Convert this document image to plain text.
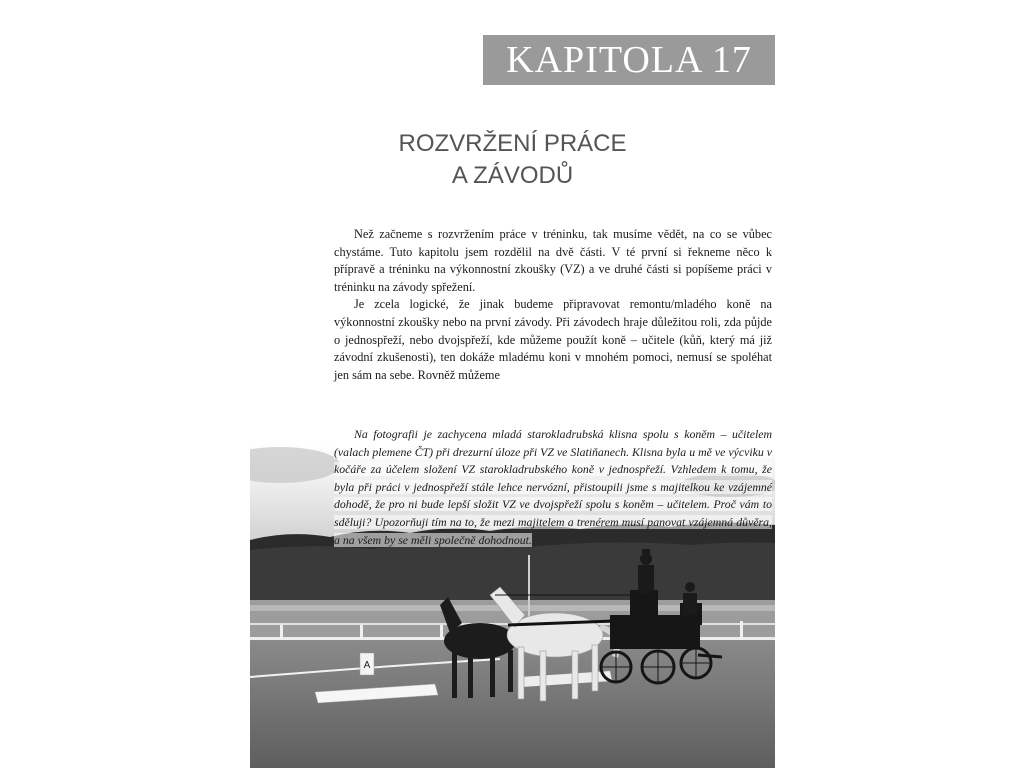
KAPITOLA 17
ROZVRŽENÍ PRÁCE
A ZÁVODŮ

Než začneme s rozvržením práce v tréninku, tak musíme vědět, na co se vůbec chystáme. Tuto kapitolu jsem rozdělil na dvě části. V té první si řekneme něco k přípravě a tréninku na výkonnostní zkoušky (VZ) a ve druhé části si popíšeme práci v tréninku na závody spřežení.

Je zcela logické, že jinak budeme připravovat remontu/mladého koně na výkonnostní zkoušky nebo na první závody. Při závodech hraje důležitou roli, zda půjde o jednospřeží, nebo dvojspřeží, kde můžeme použít koně – učitele (kůň, který má již závodní zkušenosti), ten dokáže mladému koni v mnohém pomoci, nemusí se spoléhat jen sám na sebe. Rovněž můžeme

A

Na fotografii je zachycena mladá starokladrubská klisna spolu s koněm – učitelem (valach plemene ČT) při drezurní úloze při VZ ve Slatiňanech. Klisna byla u mě ve výcviku v kočáře za účelem složení VZ starokladrubského koně v jednospřeží. Vzhledem k tomu, že byla při práci v jednospřeží stále lehce nervózní, přistoupili jsme s majitelkou ke vzájemné dohodě, že pro ni bude lepší složit VZ ve dvojspřeží spolu s koněm – učitelem. Proč vám to sděluji? Upozorňuji tím na to, že mezi majitelem a trenérem musí panovat vzájemná důvěra, a na všem by se měli společně dohodnout.
